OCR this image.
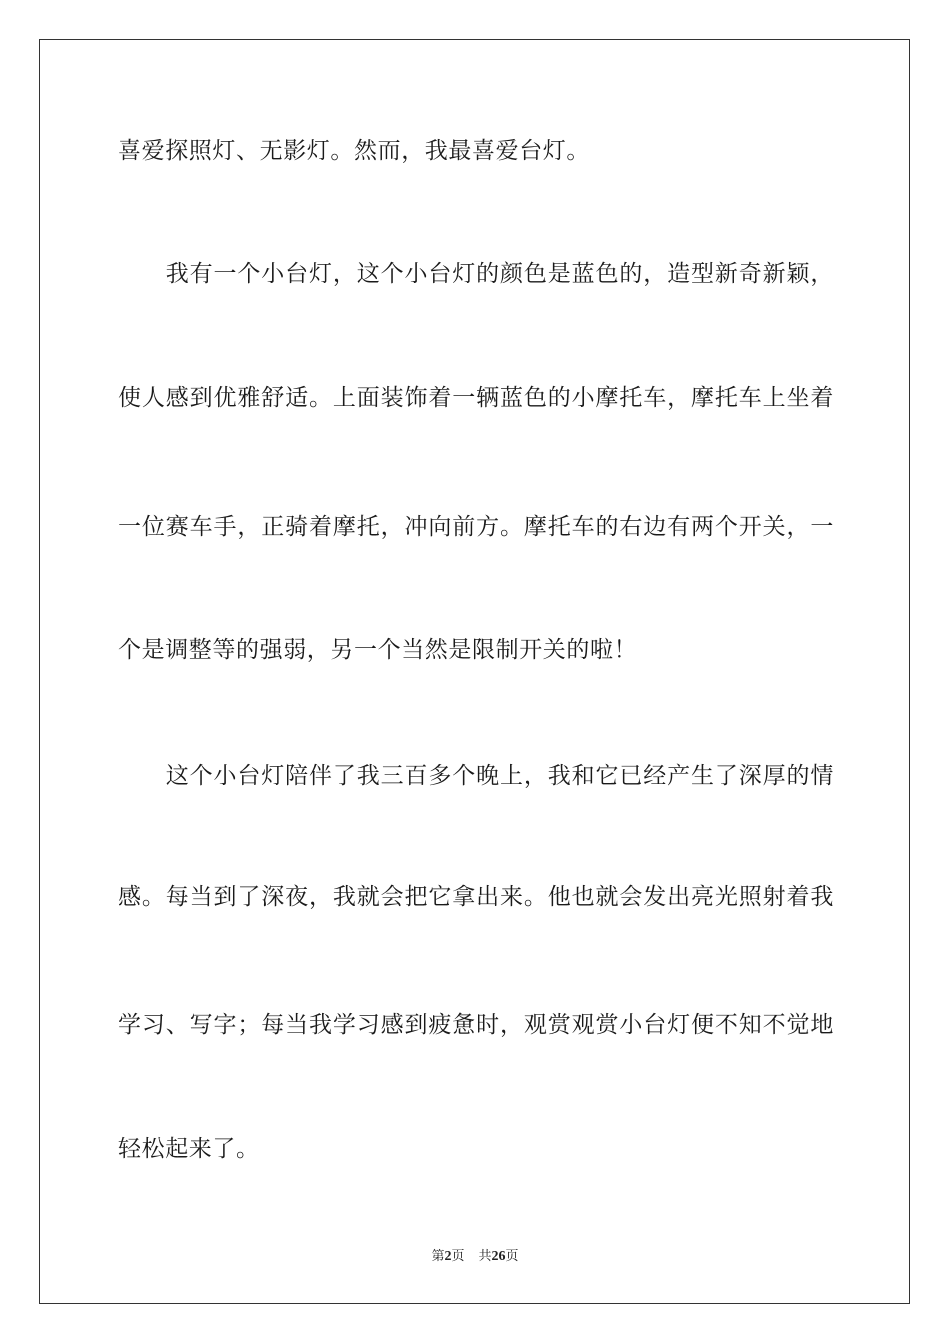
喜爱探照灯、无影灯。然而，我最喜爱台灯。
　　我有一个小台灯，这个小台灯的颜色是蓝色的，造型新奇新颖，
使人感到优雅舒适。上面装饰着一辆蓝色的小摩托车，摩托车上坐着
一位赛车手，正骑着摩托，冲向前方。摩托车的右边有两个开关，一
个是调整等的强弱，另一个当然是限制开关的啦！
　　这个小台灯陪伴了我三百多个晚上，我和它已经产生了深厚的情
感。每当到了深夜，我就会把它拿出来。他也就会发出亮光照射着我
学习、写字；每当我学习感到疲惫时，观赏观赏小台灯便不知不觉地
轻松起来了。
第2页 共26页
